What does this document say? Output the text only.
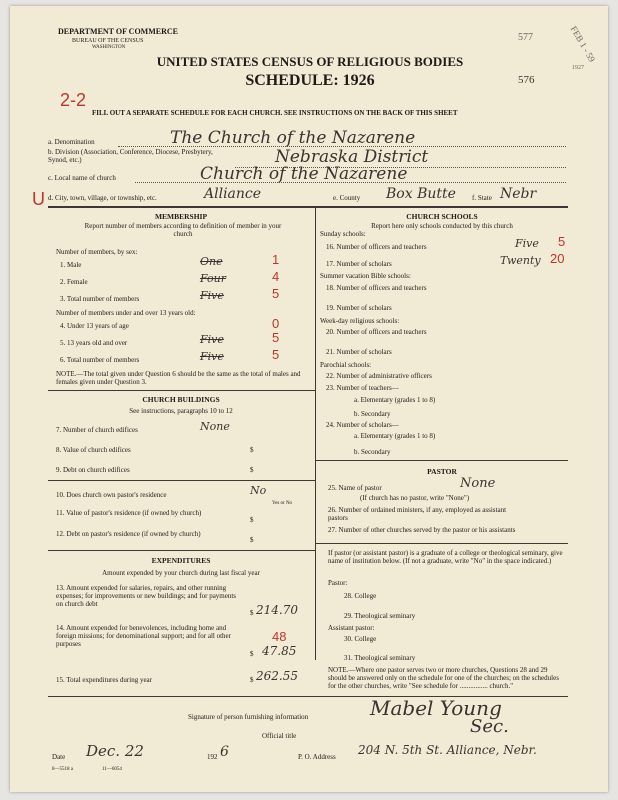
DEPARTMENT OF COMMERCE
BUREAU OF THE CENSUS
WASHINGTON
UNITED STATES CENSUS OF RELIGIOUS BODIES
SCHEDULE: 1926
577	FEB 1 - 59
1927
576
2-2
FILL OUT A SEPARATE SCHEDULE FOR EACH CHURCH. SEE INSTRUCTIONS ON THE BACK OF THIS SHEET
a. Denomination	The Church of the Nazarene
b. Division (Association, Conference, Diocese, Presbytery, Synod, etc.)	Nebraska District
c. Local name of church	Church of the Nazarene
U d. City, town, village, or township, etc.	Alliance	e. County Box Butte f. State Nebr
MEMBERSHIP
Report number of members according to definition of member in your church
Number of members, by sex:
1. Male	One	1
2. Female	Four	4
3. Total number of members	Five	5
Number of members under and over 13 years old:
4. Under 13 years of age	0
5. 13 years old and over	Five	5
6. Total number of members	Five	5
NOTE.—The total given under Question 6 should be the same as the total of males and females given under Question 3.
CHURCH BUILDINGS
See instructions, paragraphs 10 to 12
7. Number of church edifices	None
8. Value of church edifices	$
9. Debt on church edifices	$
10. Does church own pastor's residence	No
Yes or No
11. Value of pastor's residence (if owned by church)
$
12. Debt on pastor's residence (if owned by church)
$
EXPENDITURES
Amount expended by your church during last fiscal year
13. Amount expended for salaries, repairs, and other running expenses; for improvements or new buildings; and for payments on church debt
$ 214.70
14. Amount expended for benevolences, including home and foreign missions; for denominational support; and for all other purposes	48
$ 47.85
15. Total expenditures during year	$ 262.55
CHURCH SCHOOLS
Report here only schools conducted by this church
Sunday schools:
16. Number of officers and teachers	Five 5
17. Number of scholars	Twenty 20
Summer vacation Bible schools:
18. Number of officers and teachers
19. Number of scholars
Week-day religious schools:
20. Number of officers and teachers
21. Number of scholars
Parochial schools:
22. Number of administrative officers
23. Number of teachers—
a. Elementary (grades 1 to 8)
b. Secondary
24. Number of scholars—
a. Elementary (grades 1 to 8)
b. Secondary
PASTOR
25. Name of pastor	None
(If church has no pastor, write "None")
26. Number of ordained ministers, if any, employed as assistant pastors
27. Number of other churches served by the pastor or his assistants
If pastor (or assistant pastor) is a graduate of a college or theological seminary, give name of institution below. (If not a graduate, write "No" in the space indicated.)
Pastor:
28. College
29. Theological seminary
Assistant pastor:
30. College
31. Theological seminary
NOTE.—Where one pastor serves two or more churches, Questions 28 and 29 should be answered only on the schedule for one of the churches; on the schedules for the other churches, write "See schedule for ................ church."
Signature of person furnishing information	Mabel Young
Official title	Sec.
Date Dec. 22	192 6	P. O. Address 204 N. 5th St. Alliance, Nebr.
8—5518 a	11—6054
